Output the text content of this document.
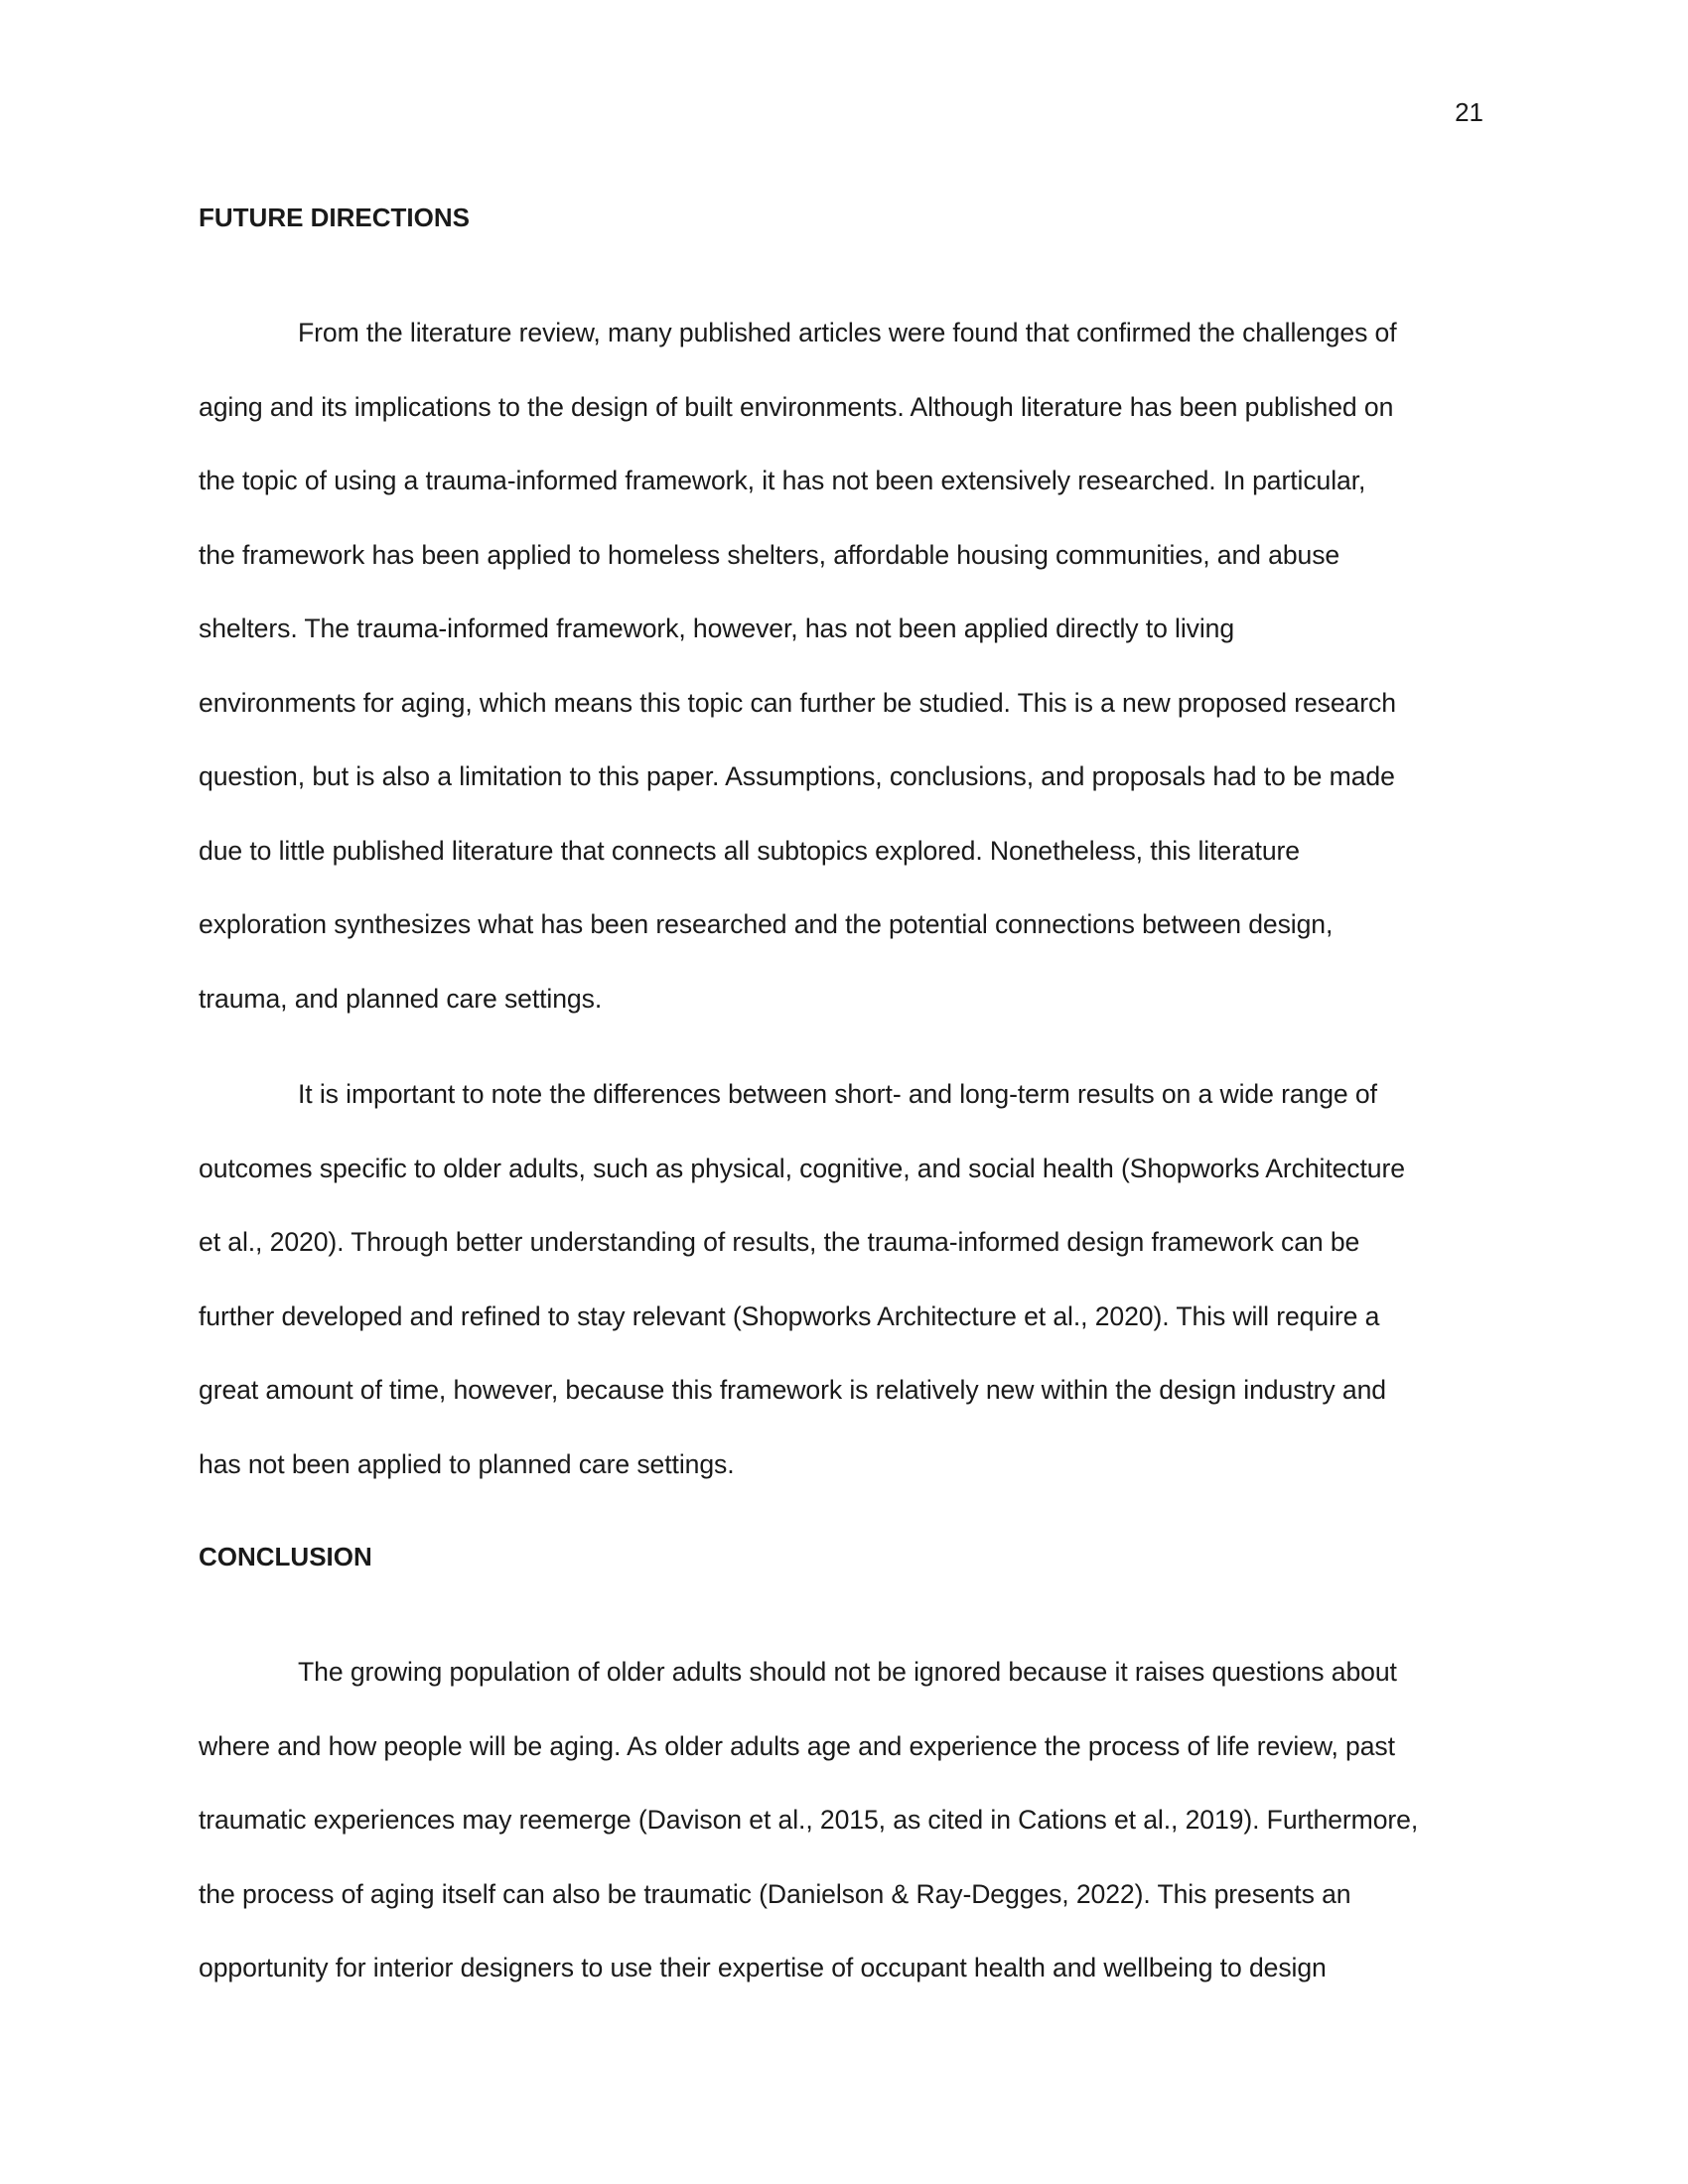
21
FUTURE DIRECTIONS
From the literature review, many published articles were found that confirmed the challenges of
aging and its implications to the design of built environments. Although literature has been published on
the topic of using a trauma-informed framework, it has not been extensively researched. In particular,
the framework has been applied to homeless shelters, affordable housing communities, and abuse
shelters. The trauma-informed framework, however, has not been applied directly to living
environments for aging, which means this topic can further be studied. This is a new proposed research
question, but is also a limitation to this paper. Assumptions, conclusions, and proposals had to be made
due to little published literature that connects all subtopics explored. Nonetheless, this literature
exploration synthesizes what has been researched and the potential connections between design,
trauma, and planned care settings.
It is important to note the differences between short- and long-term results on a wide range of
outcomes specific to older adults, such as physical, cognitive, and social health (Shopworks Architecture
et al., 2020). Through better understanding of results, the trauma-informed design framework can be
further developed and refined to stay relevant (Shopworks Architecture et al., 2020). This will require a
great amount of time, however, because this framework is relatively new within the design industry and
has not been applied to planned care settings.
CONCLUSION
The growing population of older adults should not be ignored because it raises questions about
where and how people will be aging. As older adults age and experience the process of life review, past
traumatic experiences may reemerge (Davison et al., 2015, as cited in Cations et al., 2019). Furthermore,
the process of aging itself can also be traumatic (Danielson & Ray-Degges, 2022). This presents an
opportunity for interior designers to use their expertise of occupant health and wellbeing to design
